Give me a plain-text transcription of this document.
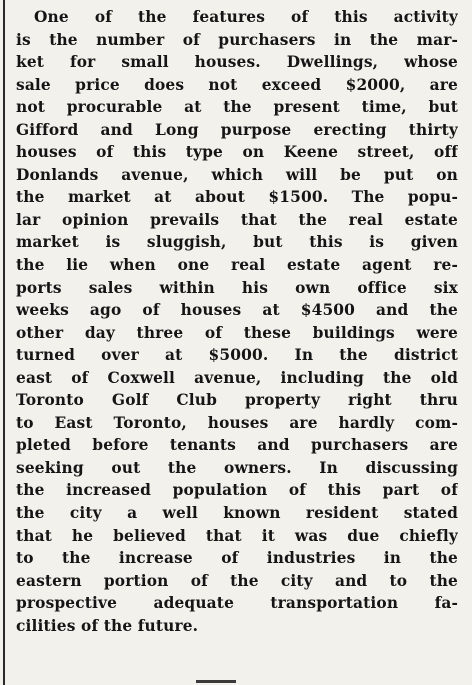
One of the features of this activity
is the number of purchasers in the mar-
ket for small houses. Dwellings, whose
sale price does not exceed $2000, are
not procurable at the present time, but
Gifford and Long purpose erecting thirty
houses of this type on Keene street, off
Donlands avenue, which will be put on
the market at about $1500. The popu-
lar opinion prevails that the real estate
market is sluggish, but this is given
the lie when one real estate agent re-
ports sales within his own office six
weeks ago of houses at $4500 and the
other day three of these buildings were
turned over at $5000. In the district
east of Coxwell avenue, including the old
Toronto Golf Club property right thru
to East Toronto, houses are hardly com-
pleted before tenants and purchasers are
seeking out the owners. In discussing
the increased population of this part of
the city a well known resident stated
that he believed that it was due chiefly
to the increase of industries in the
eastern portion of the city and to the
prospective adequate transportation fa-
cilities of the future.
